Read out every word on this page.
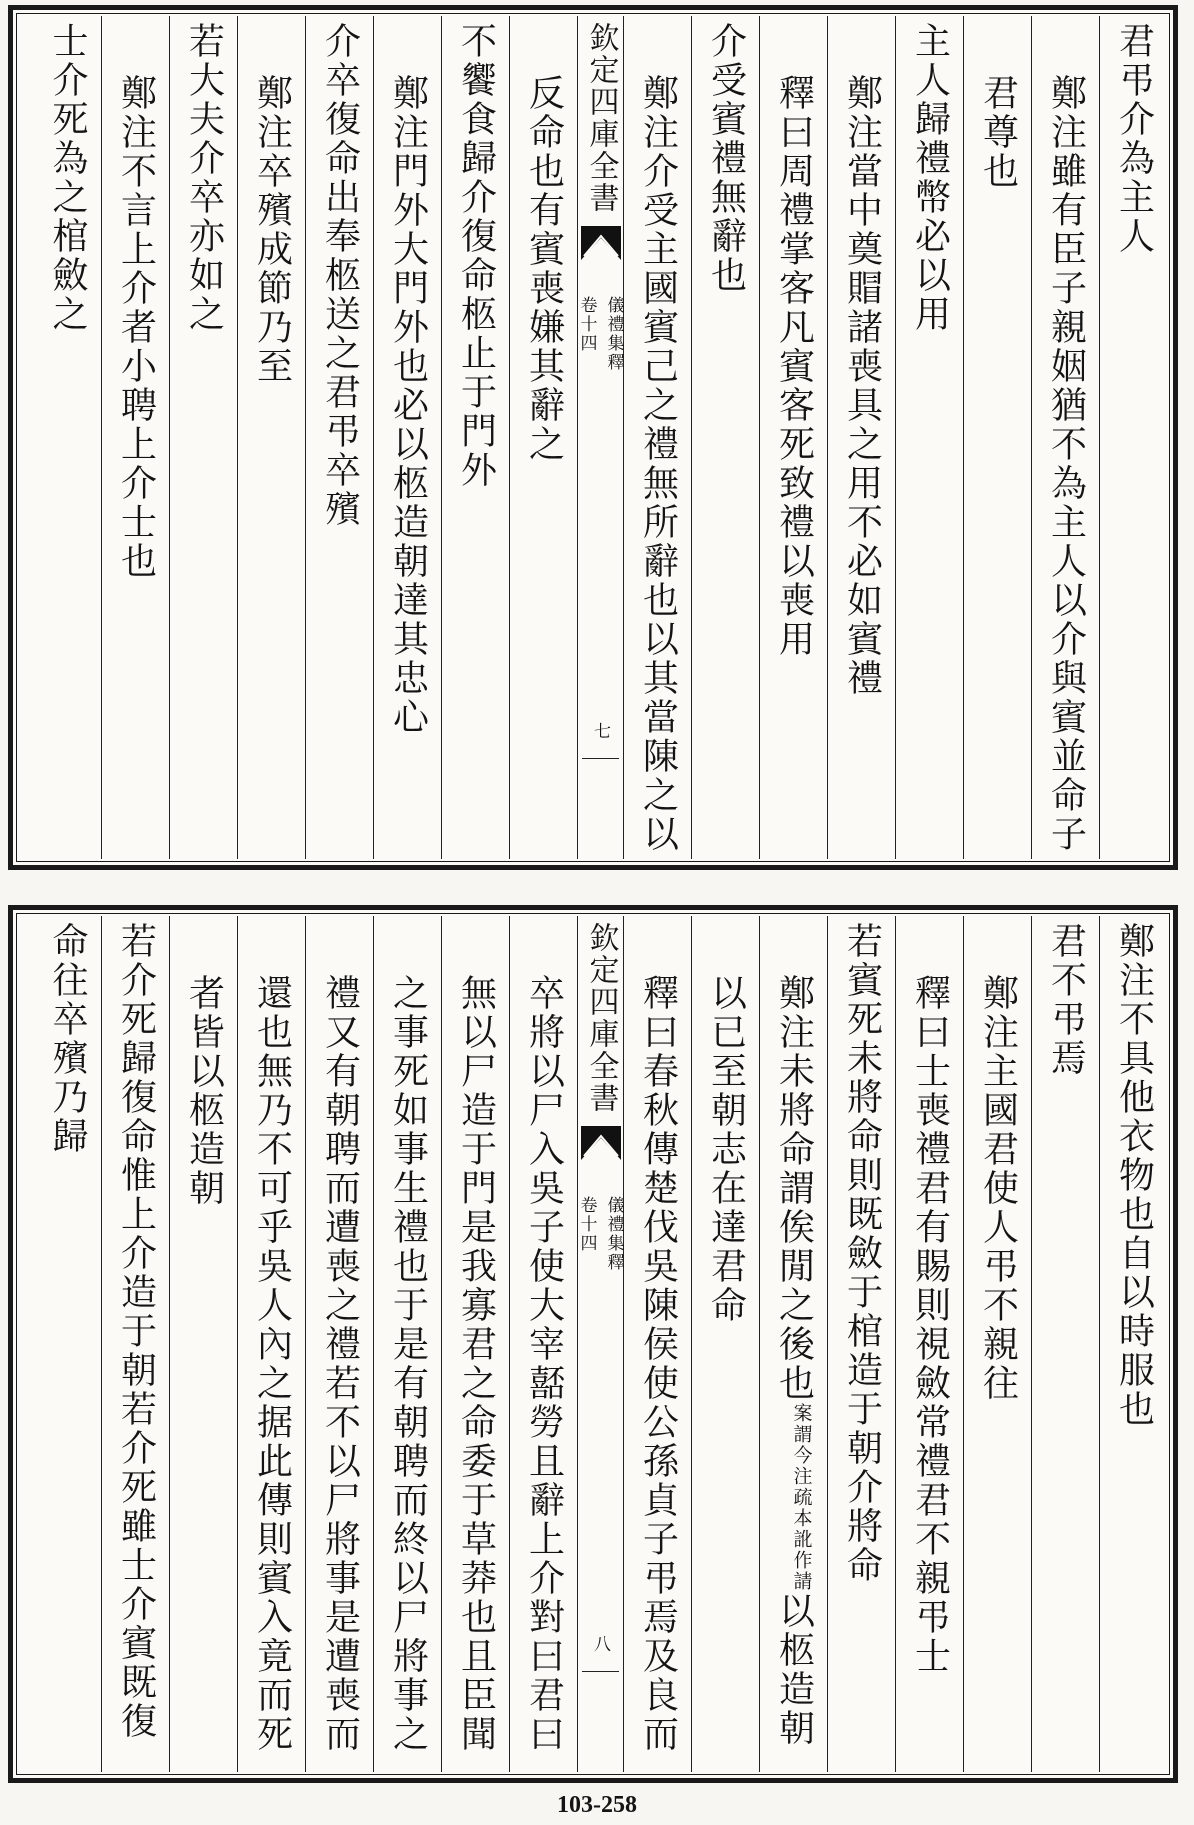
君弔介為主人
鄭注雖有臣子親姻猶不為主人以介與賓並命子
君尊也
主人歸禮幣必以用
鄭注當中奠賵諸喪具之用不必如賓禮
釋曰周禮掌客凡賓客死致禮以喪用
介受賓禮無辭也
鄭注介受主國賓己之禮無所辭也以其當陳之以
欽定四庫全書
儀禮集釋
卷十四
七
反命也有賓喪嫌其辭之
不饗食歸介復命柩止于門外
鄭注門外大門外也必以柩造朝達其忠心
介卒復命出奉柩送之君弔卒殯
鄭注卒殯成節乃至
若大夫介卒亦如之
鄭注不言上介者小聘上介士也
士介死為之棺斂之
鄭注不具他衣物也自以時服也
君不弔焉
鄭注主國君使人弔不親往
釋曰士喪禮君有賜則視斂常禮君不親弔士
若賓死未將命則既斂于棺造于朝介將命
鄭注未將命謂俟閒之後也$^{案謂今注疏本訛作請}$以柩造朝
以已至朝志在達君命
釋曰春秋傳楚伐吳陳侯使公孫貞子弔焉及良而
欽定四庫全書
儀禮集釋
卷十四
八
卒將以尸入吳子使大宰嚭勞且辭上介對曰君曰
無以尸造于門是我寡君之命委于草莽也且臣聞
之事死如事生禮也于是有朝聘而終以尸將事之
禮又有朝聘而遭喪之禮若不以尸將事是遭喪而
還也無乃不可乎吳人內之据此傳則賓入竟而死
者皆以柩造朝
若介死歸復命惟上介造于朝若介死雖士介賓既復
命往卒殯乃歸
103-258
